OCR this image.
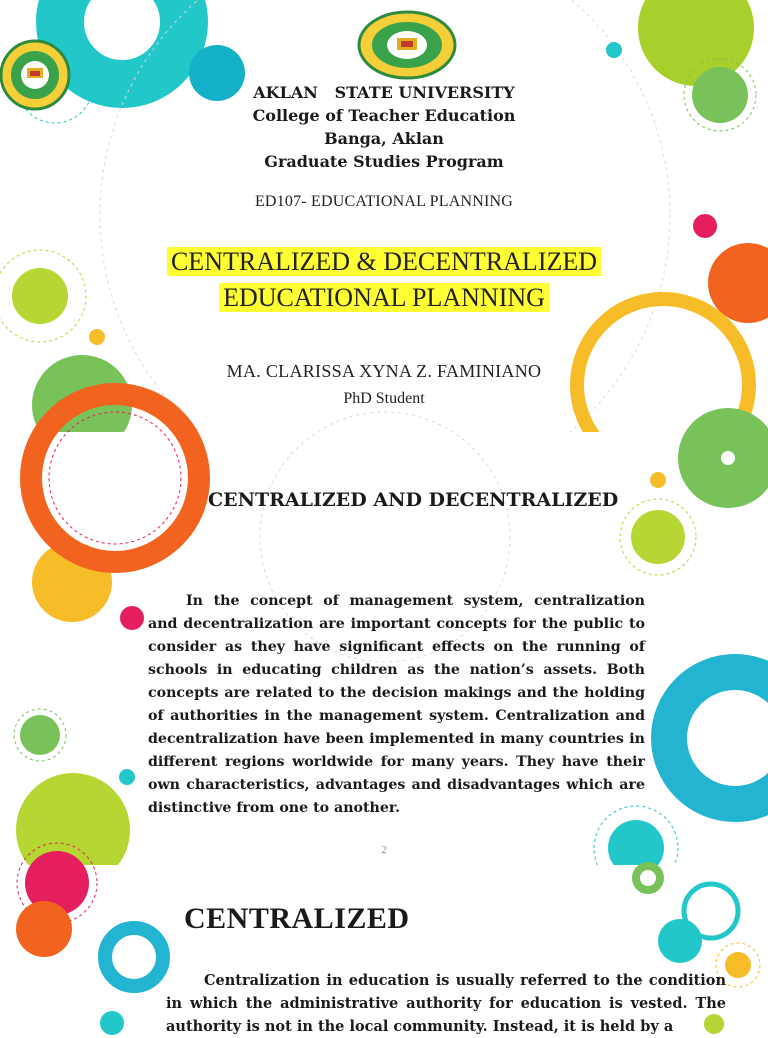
AKLAN   STATE UNIVERSITY
College of Teacher Education
Banga, Aklan
Graduate Studies Program
ED107- EDUCATIONAL PLANNING
CENTRALIZED & DECENTRALIZED
EDUCATIONAL PLANNING
MA. CLARISSA XYNA Z. FAMINIANO
PhD Student
CENTRALIZED AND DECENTRALIZED

In the concept of management system, centralization and decentralization are important concepts for the public to consider as they have significant effects on the running of schools in educating children as the nation’s assets. Both concepts are related to the decision makings and the holding of authorities in the management system. Centralization and decentralization have been implemented in many countries in different regions worldwide for many years. They have their own characteristics, advantages and disadvantages which are distinctive from one to another.

2
CENTRALIZED

Centralization in education is usually referred to the condition in which the administrative authority for education is vested. The authority is not in the local community. Instead, it is held by a
